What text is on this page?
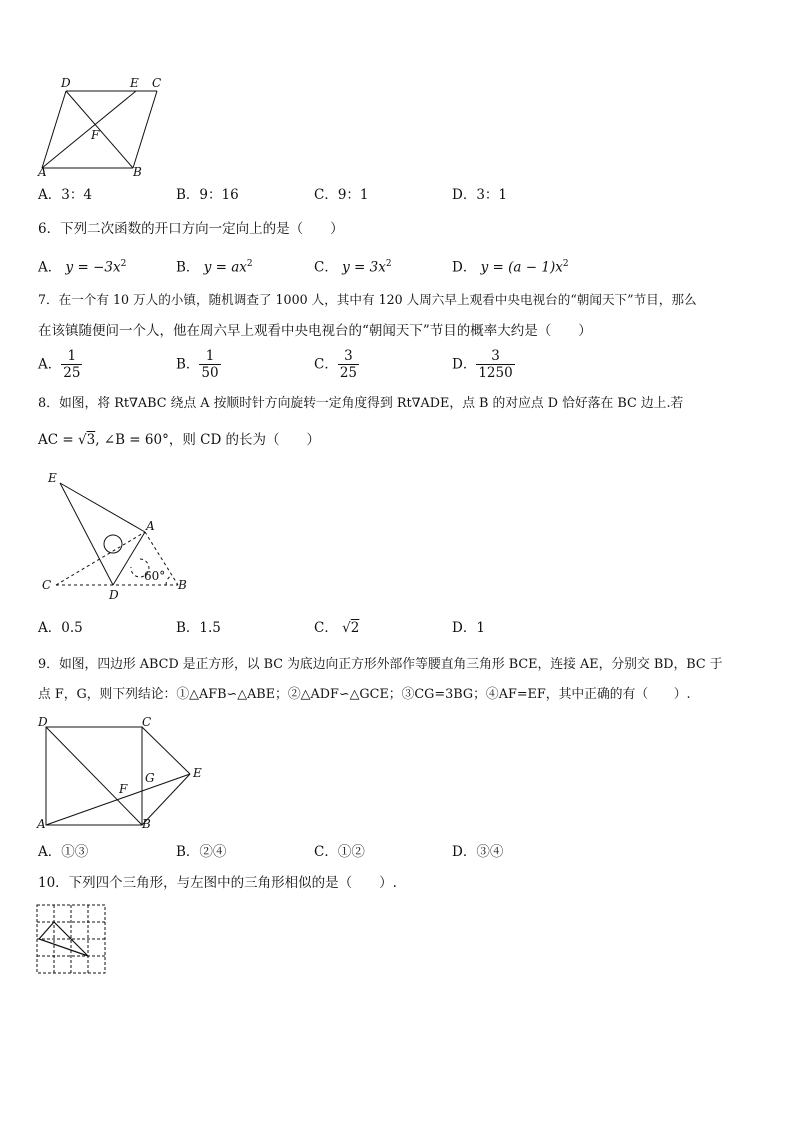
D	E C
F
A	B
A．3：4	B．9：16	C．9：1	D．3：1
6．下列二次函数的开口方向一定向上的是（　　）
A． $y = -3x^2$	B． $y = ax^2$	C． $y = 3x^2$	D． $y = (a - 1)x^2$
7．在一个有 10 万人的小镇，随机调查了 1000 人，其中有 120 人周六早上观看中央电视台的“朝闻天下”节目，那么
在该镇随便问一个人，他在周六早上观看中央电视台的“朝闻天下”节目的概率大约是（　　）
A． $\frac{1}{25}$	B． $\frac{1}{50}$	C． $\frac{3}{25}$	D． $\frac{3}{1250}$
8．如图，将 Rt∇ABC 绕点 A 按顺时针方向旋转一定角度得到 Rt∇ADE，点 B 的对应点 D 恰好落在 BC 边上.若
AC = √3, ∠B = 60°，则 CD 的长为（　　）
E
A
C
D
B
60°
A．0.5	B．1.5	C． √2	D．1
9．如图，四边形 ABCD 是正方形，以 BC 为底边向正方形外部作等腰直角三角形 BCE，连接 AE，分别交 BD，BC 于
点 F，G，则下列结论：①△AFB∽△ABE；②△ADF∽△GCE；③CG=3BG；④AF=EF，其中正确的有（　　）.
D	C
G	E
F
A	B
A．①③	B．②④	C．①②	D．③④
10．下列四个三角形，与左图中的三角形相似的是（　　）.
